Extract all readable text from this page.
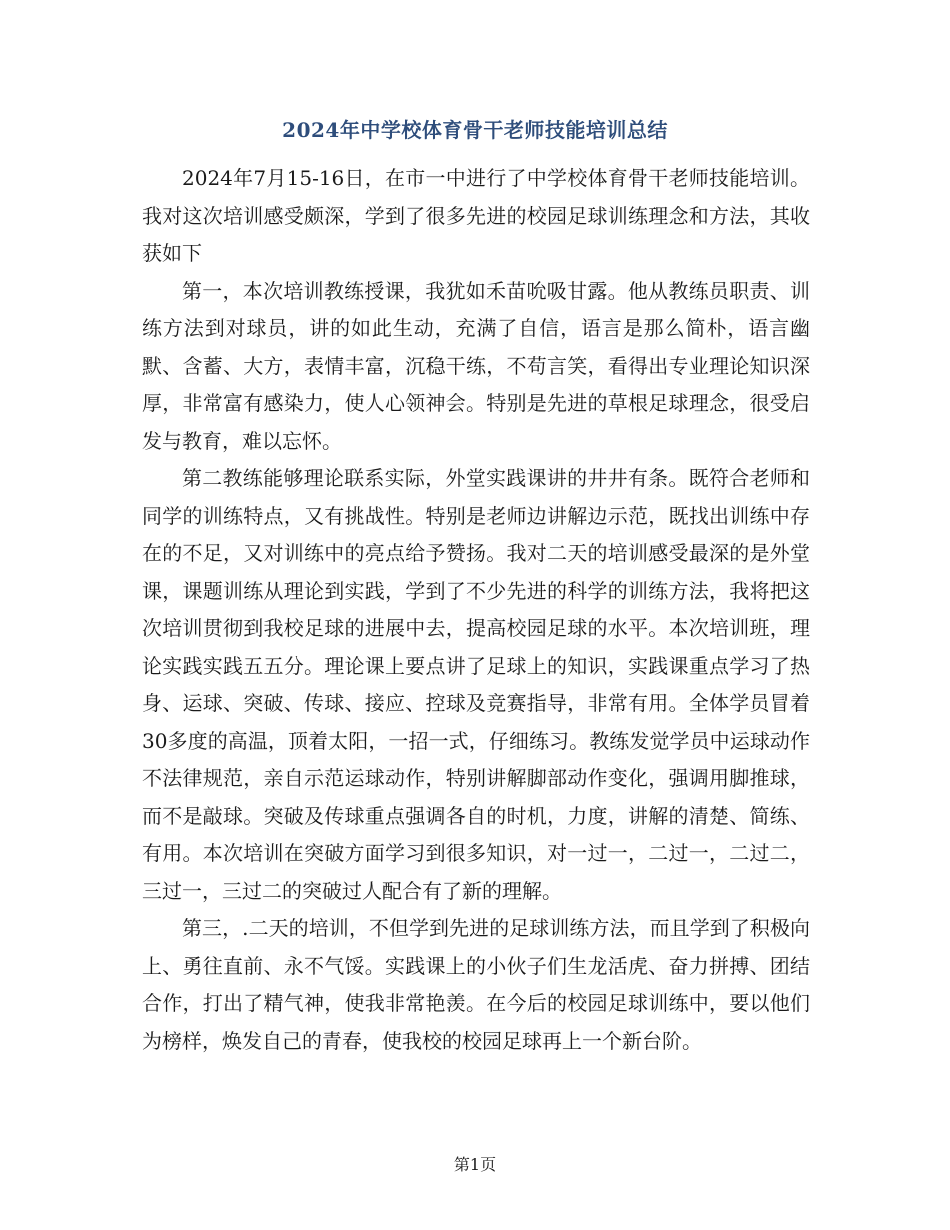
2024年中学校体育骨干老师技能培训总结

2024年7月15-16日，在市一中进行了中学校体育骨干老师技能培训。我对这次培训感受颇深，学到了很多先进的校园足球训练理念和方法，其收获如下

第一，本次培训教练授课，我犹如禾苗吮吸甘露。他从教练员职责、训练方法到对球员，讲的如此生动，充满了自信，语言是那么简朴，语言幽默、含蓄、大方，表情丰富，沉稳干练，不苟言笑，看得出专业理论知识深厚，非常富有感染力，使人心领神会。特别是先进的草根足球理念，很受启发与教育，难以忘怀。

第二教练能够理论联系实际，外堂实践课讲的井井有条。既符合老师和同学的训练特点，又有挑战性。特别是老师边讲解边示范，既找出训练中存在的不足，又对训练中的亮点给予赞扬。我对二天的培训感受最深的是外堂课，课题训练从理论到实践，学到了不少先进的科学的训练方法，我将把这次培训贯彻到我校足球的进展中去，提高校园足球的水平。本次培训班，理论实践实践五五分。理论课上要点讲了足球上的知识，实践课重点学习了热身、运球、突破、传球、接应、控球及竞赛指导，非常有用。全体学员冒着30多度的高温，顶着太阳，一招一式，仔细练习。教练发觉学员中运球动作不法律规范，亲自示范运球动作，特别讲解脚部动作变化，强调用脚推球，而不是敲球。突破及传球重点强调各自的时机，力度，讲解的清楚、简练、有用。本次培训在突破方面学习到很多知识，对一过一，二过一，二过二，三过一，三过二的突破过人配合有了新的理解。

第三，.二天的培训，不但学到先进的足球训练方法，而且学到了积极向上、勇往直前、永不气馁。实践课上的小伙子们生龙活虎、奋力拼搏、团结合作，打出了精气神，使我非常艳羡。在今后的校园足球训练中，要以他们为榜样，焕发自己的青春，使我校的校园足球再上一个新台阶。

第1页
